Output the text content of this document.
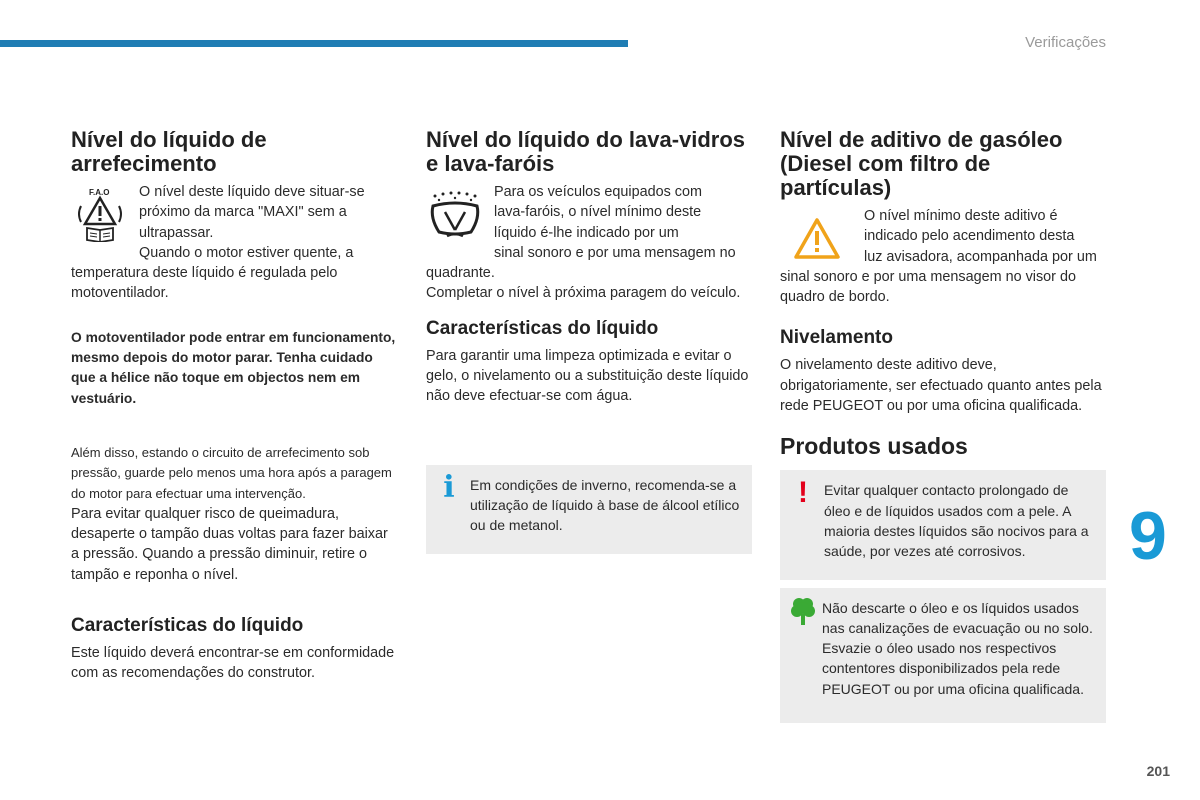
Verificações
9
201
Nível do líquido de arrefecimento
F.A.O	O nível deste líquido deve situar-se
próximo da marca "MAXI" sem a
ultrapassar.
Quando o motor estiver quente, a temperatura deste líquido é regulada pelo motoventilador.

O motoventilador pode entrar em funcionamento, mesmo depois do motor parar. Tenha cuidado que a hélice não toque em objectos nem em vestuário.

Além disso, estando o circuito de arrefecimento sob pressão, guarde pelo menos uma hora após a paragem do motor para efectuar uma intervenção.

Para evitar qualquer risco de queimadura, desaperte o tampão duas voltas para fazer baixar a pressão. Quando a pressão diminuir, retire o tampão e reponha o nível.

Características do líquido

Este líquido deverá encontrar-se em conformidade com as recomendações do construtor.

Nível do líquido do lava-vidros e lava-faróis

Para os veículos equipados com
lava-faróis, o nível mínimo deste
líquido é-lhe indicado por um
sinal sonoro e por uma mensagem no
quadrante.

Completar o nível à próxima paragem do veículo.

Características do líquido

Para garantir uma limpeza optimizada e evitar o gelo, o nivelamento ou a substituição deste líquido não deve efectuar-se com água.

i Em condições de inverno, recomenda-se a utilização de líquido à base de álcool etílico ou de metanol.

Nível de aditivo de gasóleo (Diesel com filtro de partículas)

O nível mínimo deste aditivo é
indicado pelo acendimento desta
luz avisadora, acompanhada por um sinal sonoro e por uma mensagem no visor do quadro de bordo.

Nivelamento

O nivelamento deste aditivo deve, obrigatoriamente, ser efectuado quanto antes pela rede PEUGEOT ou por uma oficina qualificada.

Produtos usados
! Evitar qualquer contacto prolongado de óleo e de líquidos usados com a pele. A maioria destes líquidos são nocivos para a saúde, por vezes até corrosivos.

Não descarte o óleo e os líquidos usados nas canalizações de evacuação ou no solo.

Esvazie o óleo usado nos respectivos contentores disponibilizados pela rede PEUGEOT ou por uma oficina qualificada.
